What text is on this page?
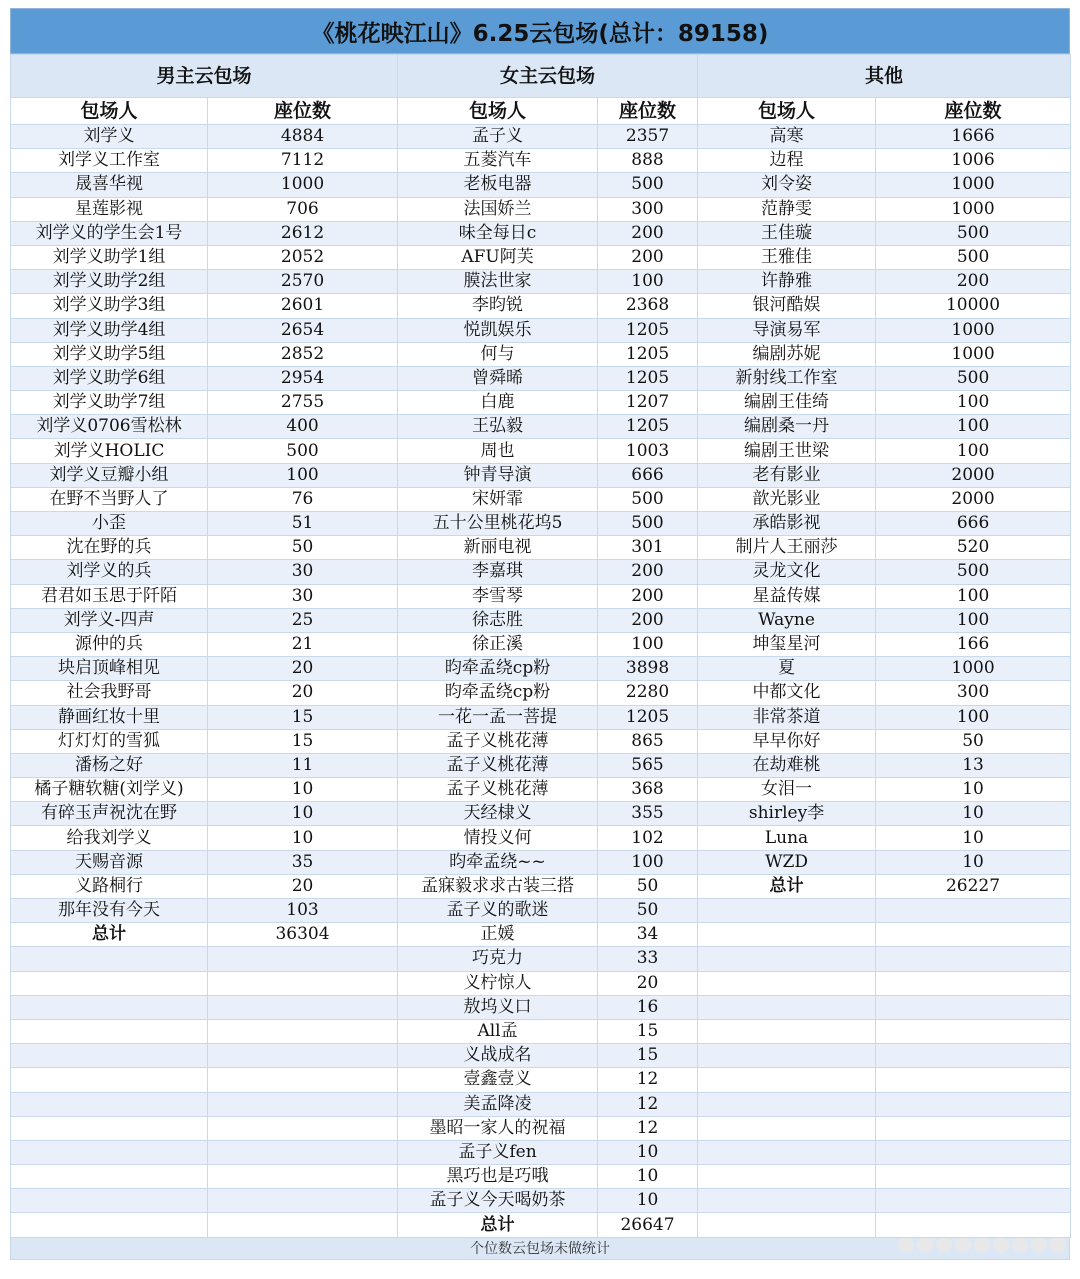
《桃花映江山》6.25云包场(总计：89158)
男主云包场		女主云包场		其他	
包场人	座位数	包场人	座位数	包场人	座位数
刘学义	4884	孟子义	2357	高寒	1666
刘学义工作室	7112	五菱汽车	888	边程	1006
晟喜华视	1000	老板电器	500	刘令姿	1000
星莲影视	706	法国娇兰	300	范静雯	1000
刘学义的学生会1号	2612	味全每日c	200	王佳璇	500
刘学义助学1组	2052	AFU阿芙	200	王雅佳	500
刘学义助学2组	2570	膜法世家	100	许静雅	200
刘学义助学3组	2601	李昀锐	2368	银河酷娱	10000
刘学义助学4组	2654	悦凯娱乐	1205	导演易军	1000
刘学义助学5组	2852	何与	1205	编剧苏妮	1000
刘学义助学6组	2954	曾舜晞	1205	新射线工作室	500
刘学义助学7组	2755	白鹿	1207	编剧王佳绮	100
刘学义0706雪松林	400	王弘毅	1205	编剧桑一丹	100
刘学义HOLIC	500	周也	1003	编剧王世梁	100
刘学义豆瓣小组	100	钟青导演	666	老有影业	2000
在野不当野人了	76	宋妍霏	500	歆光影业	2000
小歪	51	五十公里桃花坞5	500	承皓影视	666
沈在野的兵	50	新丽电视	301	制片人王丽莎	520
刘学义的兵	30	李嘉琪	200	灵龙文化	500
君君如玉思于阡陌	30	李雪琴	200	星益传媒	100
刘学义-四声	25	徐志胜	200	Wayne	100
源仲的兵	21	徐正溪	100	坤玺星河	166
块启顶峰相见	20	昀牵孟绕cp粉	3898	夏	1000
社会我野哥	20	昀牵孟绕cp粉	2280	中都文化	300
静画红妆十里	15	一花一孟一菩提	1205	非常茶道	100
灯灯灯的雪狐	15	孟子义桃花薄	865	早早你好	50
潘杨之好	11	孟子义桃花薄	565	在劫难桃	13
橘子糖软糖(刘学义)	10	孟子义桃花薄	368	女泪一	10
有碎玉声祝沈在野	10	天经棣义	355	shirley李	10
给我刘学义	10	情投义何	102	Luna	10
天赐音源	35	昀牵孟绕~~	100	WZD	10
义路桐行	20	孟寐毅求求古装三搭	50	总计	26227
那年没有今天	103	孟子义的歌迷	50		
总计	36304	正媛	34		
		巧克力	33		
		义柠惊人	20		
		敖坞义口	16		
		All孟	15		
		义战成名	15		
		壹鑫壹义	12		
		美孟降凌	12		
		墨昭一家人的祝福	12		
		孟子义fen	10		
		黑巧也是巧哦	10		
		孟子义今天喝奶茶	10		
		总计	26647		
个位数云包场未做统计
